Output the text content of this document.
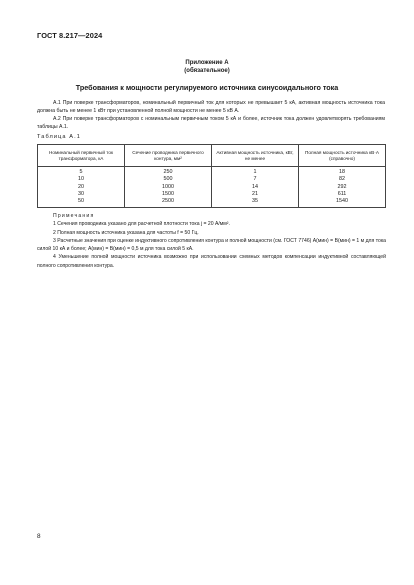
ГОСТ 8.217—2024
Приложение А
(обязательное)
Требования к мощности регулируемого источника синусоидального тока
А.1 При поверке трансформаторов, номинальный первичный ток для которых не превышает 5 кА, активная мощность источника тока должна быть не менее 1 кВт при установленной полной мощности не менее 5 кВ А.
А.2 При поверке трансформаторов с номинальным первичным током 5 кА и более, источник тока должен удовлетворять требованиям таблицы А.1.
Таблица А.1
Номинальный первичный ток трансформатора, кА	Сечение проводника первичного контура, мм²	Активная мощность источника, кВт, не менее	Полная мощность источника кВ·А (справочно)
5	250	1	18
10	500	7	82
20	1000	14	292
30	1500	21	611
50	2500	35	1540
Примечания
1 Сечения проводника указано для расчетной плотности тока j = 20 А/мм².
2 Полная мощность источника указана для частоты f = 50 Гц.
3 Расчетные значения при оценке индуктивного сопротивления контура и полной мощности (см. ГОСТ 7746) A(мин) = B(мин) = 1 м для тока силой 10 кА и более; A(мин) = B(мин) = 0,5 м для тока силой 5 кА.
4 Уменьшение полной мощности источника возможно при использовании схемных методов компенсации индуктивной составляющей полного сопротивления контура.
8
